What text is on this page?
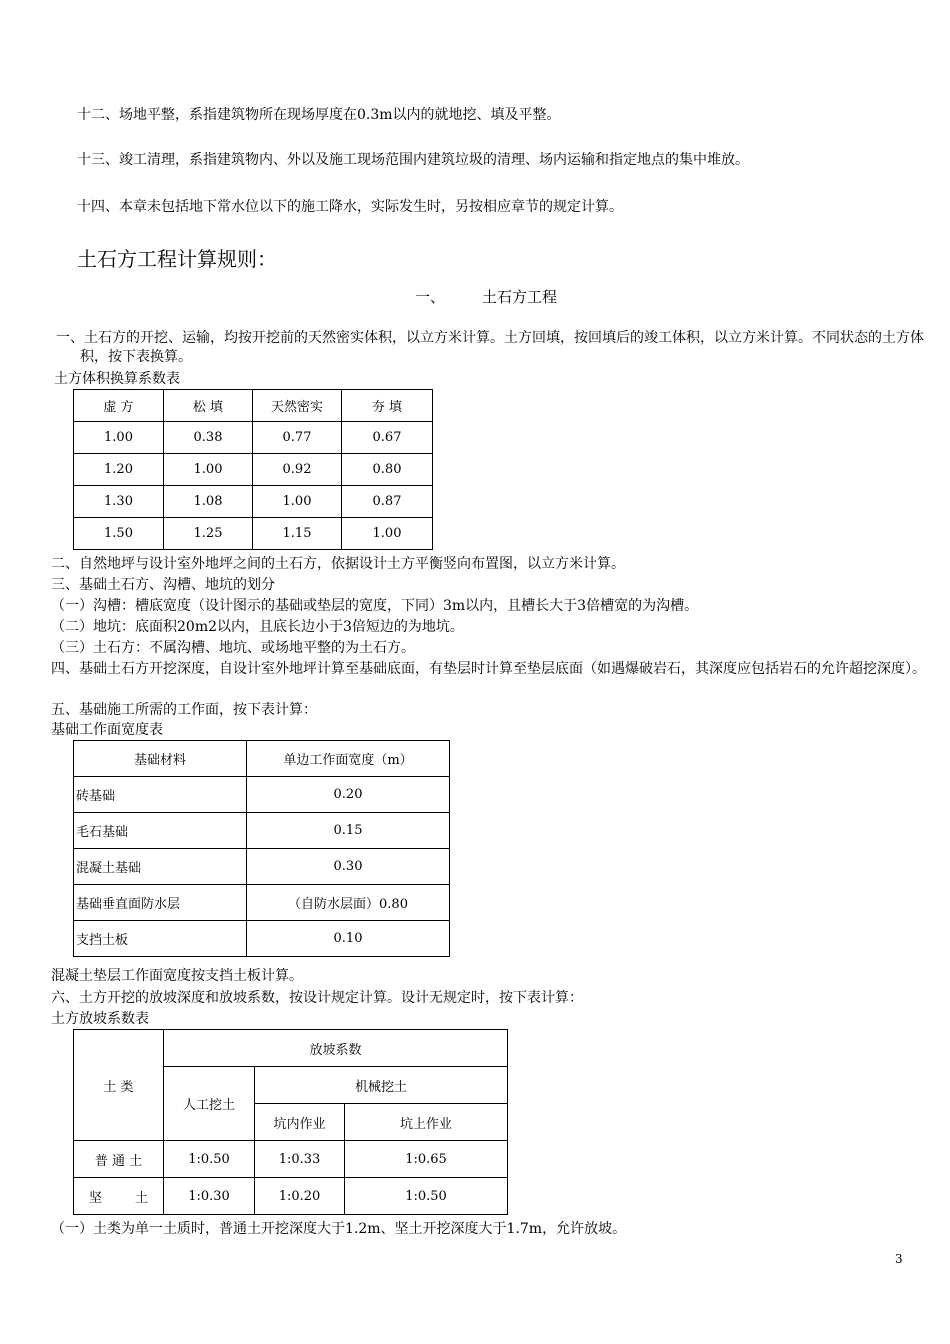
十二、场地平整，系指建筑物所在现场厚度在0.3m以内的就地挖、填及平整。
十三、竣工清理，系指建筑物内、外以及施工现场范围内建筑垃圾的清理、场内运输和指定地点的集中堆放。
十四、本章未包括地下常水位以下的施工降水，实际发生时，另按相应章节的规定计算。
土石方工程计算规则：
一、 土石方工程
一、土石方的开挖、运输，均按开挖前的天然密实体积，以立方米计算。土方回填，按回填后的竣工体积，以立方米计算。不同状态的土方体积，按下表换算。
土方体积换算系数表
虚 方	松 填	天然密实	夯 填
1.00	0.38	0.77	0.67
1.20	1.00	0.92	0.80
1.30	1.08	1.00	0.87
1.50	1.25	1.15	1.00
二、自然地坪与设计室外地坪之间的土石方，依据设计土方平衡竖向布置图，以立方米计算。
三、基础土石方、沟槽、地坑的划分
（一）沟槽：槽底宽度（设计图示的基础或垫层的宽度，下同）3m以内，且槽长大于3倍槽宽的为沟槽。
（二）地坑：底面积20m2以内，且底长边小于3倍短边的为地坑。
（三）土石方：不属沟槽、地坑、或场地平整的为土石方。
四、基础土石方开挖深度，自设计室外地坪计算至基础底面，有垫层时计算至垫层底面（如遇爆破岩石，其深度应包括岩石的允许超挖深度）。
五、基础施工所需的工作面，按下表计算：
基础工作面宽度表
基础材料	单边工作面宽度（m）
砖基础	0.20
毛石基础	0.15
混凝土基础	0.30
基础垂直面防水层	（自防水层面）0.80
支挡土板	0.10
混凝土垫层工作面宽度按支挡土板计算。
六、土方开挖的放坡深度和放坡系数，按设计规定计算。设计无规定时，按下表计算：
土方放坡系数表
土 类	放坡系数		
	人工挖土	机械挖土	
		坑内作业	坑上作业
普 通 土	1:0.50	1:0.33	1:0.65
坚        土	1:0.30	1:0.20	1:0.50
（一）土类为单一土质时，普通土开挖深度大于1.2m、坚土开挖深度大于1.7m，允许放坡。
3
